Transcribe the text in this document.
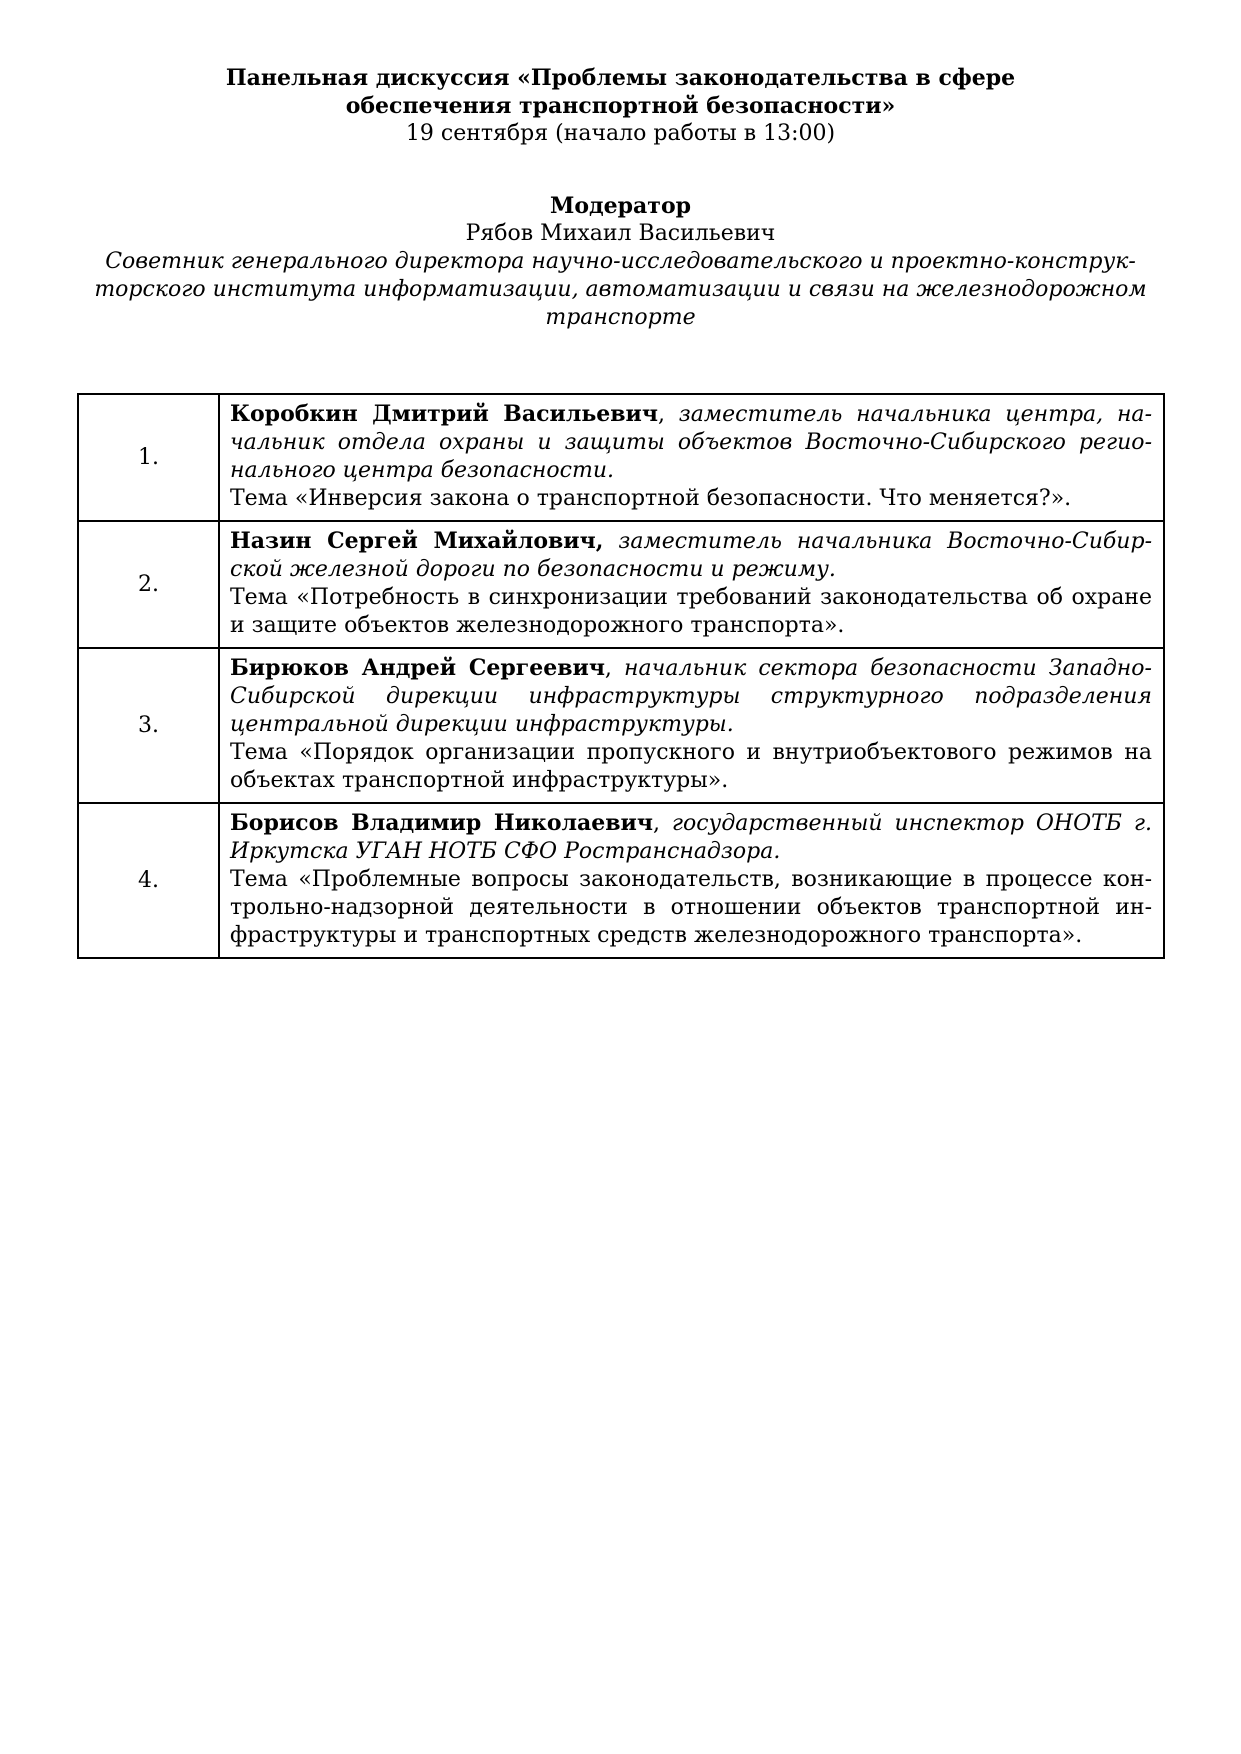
Панельная дискуссия «Проблемы законодательства в сфере
обеспечения транспортной безопасности»
19 сентября (начало работы в 13:00)
Модератор
Рябов Михаил Васильевич
Советник генерального директора научно-исследовательского и проектно-конструк-
торского института информатизации, автоматизации и связи на железнодорожном
транспорте
1.	Коробкин Дмитрий Васильевич, заместитель начальника центра, начальник отдела охраны и защиты объектов Восточно-Сибирского регионального центра безопасности.

Тема «Инверсия закона о транспортной безопасности. Что меняется?».

2.	Назин Сергей Михайлович, заместитель начальника Восточно-Сибирской железной дороги по безопасности и режиму.

Тема «Потребность в синхронизации требований законодательства об охране и защите объектов железнодорожного транспорта».

3.	Бирюков Андрей Сергеевич, начальник сектора безопасности Западно-Сибирской дирекции инфраструктуры структурного подразделения центральной дирекции инфраструктуры.

Тема «Порядок организации пропускного и внутриобъектового режимов на объектах транспортной инфраструктуры».

4.	Борисов Владимир Николаевич, государственный инспектор ОНОТБ г. Иркутска УГАН НОТБ СФО Ространснадзора.

Тема «Проблемные вопросы законодательств, возникающие в процессе контрольно-надзорной деятельности в отношении объектов транспортной инфраструктуры и транспортных средств железнодорожного транспорта».
